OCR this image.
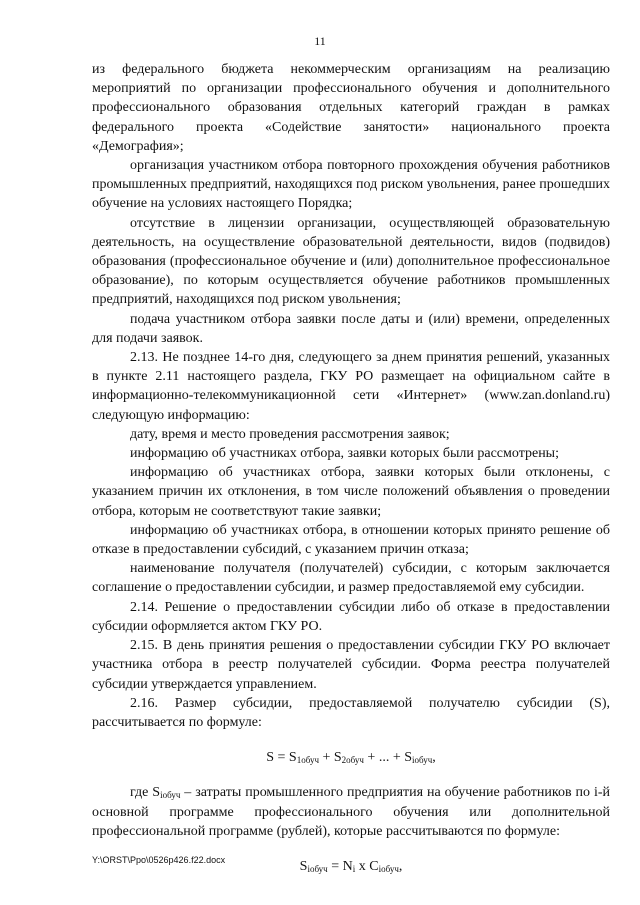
11

из федерального бюджета некоммерческим организациям на реализацию мероприятий по организации профессионального обучения и дополнительного профессионального образования отдельных категорий граждан в рамках федерального проекта «Содействие занятости» национального проекта «Демография»;

организация участником отбора повторного прохождения обучения работников промышленных предприятий, находящихся под риском увольнения, ранее прошедших обучение на условиях настоящего Порядка;

отсутствие в лицензии организации, осуществляющей образовательную деятельность, на осуществление образовательной деятельности, видов (подвидов) образования (профессиональное обучение и (или) дополнительное профессиональное образование), по которым осуществляется обучение работников промышленных предприятий, находящихся под риском увольнения;

подача участником отбора заявки после даты и (или) времени, определенных для подачи заявок.

2.13. Не позднее 14-го дня, следующего за днем принятия решений, указанных в пункте 2.11 настоящего раздела, ГКУ РО размещает на официальном сайте в информационно-телекоммуникационной сети «Интернет» (www.zan.donland.ru) следующую информацию:

дату, время и место проведения рассмотрения заявок;

информацию об участниках отбора, заявки которых были рассмотрены;

информацию об участниках отбора, заявки которых были отклонены, с указанием причин их отклонения, в том числе положений объявления о проведении отбора, которым не соответствуют такие заявки;

информацию об участниках отбора, в отношении которых принято решение об отказе в предоставлении субсидий, с указанием причин отказа;

наименование получателя (получателей) субсидии, с которым заключается соглашение о предоставлении субсидии, и размер предоставляемой ему субсидии.

2.14. Решение о предоставлении субсидии либо об отказе в предоставлении субсидии оформляется актом ГКУ РО.

2.15. В день принятия решения о предоставлении субсидии ГКУ РО включает участника отбора в реестр получателей субсидии. Форма реестра получателей субсидии утверждается управлением.

2.16. Размер субсидии, предоставляемой получателю субсидии (S), рассчитывается по формуле:

$S = S_{1обуч} + S_{2обуч}$ + ... + $S_{iобуч}$,

где $S_{iобуч}$ – затраты промышленного предприятия на обучение работников по i-й основной программе профессионального обучения или дополнительной профессиональной программе (рублей), которые рассчитываются по формуле:

$S_{iобуч} = N_i$ x $C_{iобуч}$,
Y:\ORST\Ppo\0526p426.f22.docx
